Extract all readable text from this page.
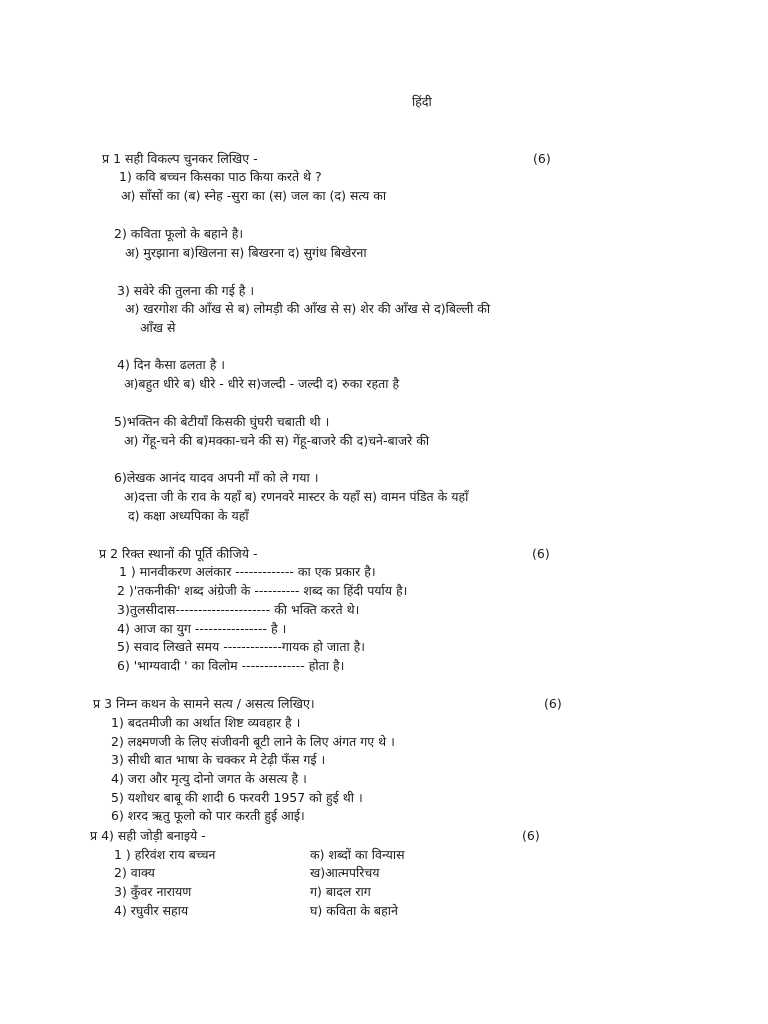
हिंदी
प्र 1 सही विकल्प चुनकर लिखिए -	(6)
1) कवि बच्चन किसका पाठ किया करते थे ?
अ) साँसों का (ब) स्नेह -सुरा का (स) जल का (द) सत्य का
2) कविता फूलो के बहाने है।
अ) मुरझाना ब)खिलना स) बिखरना द) सुगंध बिखेरना
3) सवेरे की तुलना की गई है ।
अ) खरगोश की आँख से ब) लोमड़ी की आँख से स) शेर की आँख से द)बिल्ली की
आँख से
4) दिन कैसा ढलता है ।
अ)बहुत धीरे ब) धीरे - धीरे स)जल्दी - जल्दी द) रुका रहता है
5)भक्तिन की बेटीयाँ किसकी घुंघरी चबाती थी ।
अ) गेंहू-चने की ब)मक्का-चने की स) गेंहू-बाजरे की द)चने-बाजरे की
6)लेखक आनंद यादव अपनी माँ को ले गया ।
अ)दत्ता जी के राव के यहाँ ब) रणनवरे मास्टर के यहाँ स) वामन पंडित के यहाँ
द) कक्षा अध्यपिका के यहाँ
प्र 2 रिक्त स्थानों की पूर्ति कीजिये -	(6)
1 ) मानवीकरण अलंकार ------------- का एक प्रकार है।
2 )'तकनीकी' शब्द अंग्रेजी के ---------- शब्द का हिंदी पर्याय है।
3)तुलसीदास--------------------- की भक्ति करते थे।
4) आज का युग ---------------- है ।
5) सवाद लिखते समय -------------गायक हो जाता है।
6) 'भाग्यवादी ' का विलोम -------------- होता है।
प्र 3 निम्न कथन के सामने सत्य / असत्य लिखिए।	(6)
1) बदतमीजी का अर्थात शिष्ट व्यवहार है ।
2) लक्ष्मणजी के लिए संजीवनी बूटी लाने के लिए अंगत गए थे ।
3) सीधी बात भाषा के चक्कर मे टेढ़ी फँस गई ।
4) जरा और मृत्यु दोनो जगत के असत्य है ।
5) यशोधर बाबू की शादी 6 फरवरी 1957 को हुई थी ।
6) शरद ऋतु फूलो को पार करती हुई आई।
प्र 4) सही जोड़ी बनाइये -	(6)
1 ) हरिवंश राय बच्चन	क) शब्दों का विन्यास
2) वाक्य	ख)आत्मपरिचय
3) कुँवर नारायण	ग) बादल राग
4) रघुवीर सहाय	घ) कविता के बहाने
